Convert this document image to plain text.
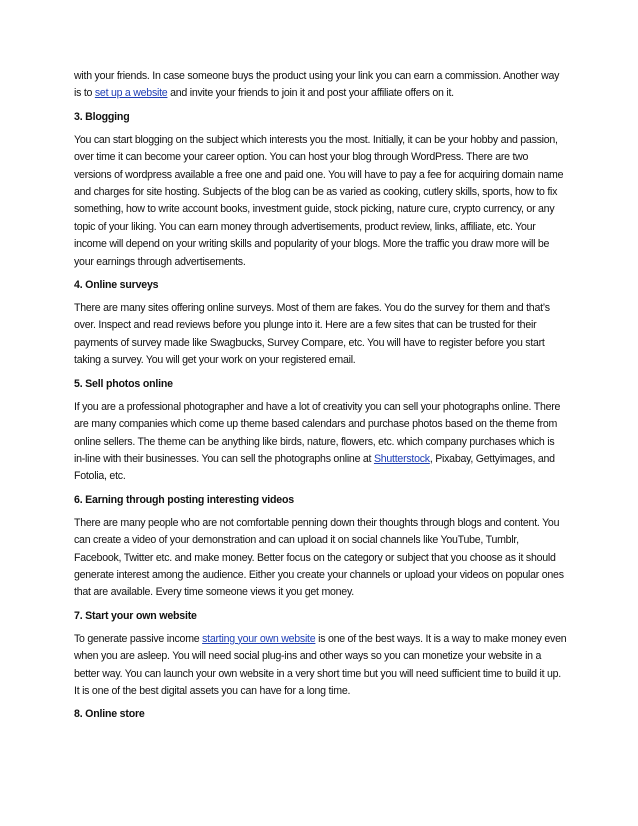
with your friends. In case someone buys the product using your link you can earn a commission. Another way is to set up a website and invite your friends to join it and post your affiliate offers on it.

3. Blogging

You can start blogging on the subject which interests you the most. Initially, it can be your hobby and passion, over time it can become your career option. You can host your blog through WordPress. There are two versions of wordpress available a free one and paid one. You will have to pay a fee for acquiring domain name and charges for site hosting. Subjects of the blog can be as varied as cooking, cutlery skills, sports, how to fix something, how to write account books, investment guide, stock picking, nature cure, crypto currency, or any topic of your liking. You can earn money through advertisements, product review, links, affiliate, etc. Your income will depend on your writing skills and popularity of your blogs. More the traffic you draw more will be your earnings through advertisements.

4. Online surveys

There are many sites offering online surveys. Most of them are fakes. You do the survey for them and that’s over. Inspect and read reviews before you plunge into it. Here are a few sites that can be trusted for their payments of survey made like Swagbucks, Survey Compare, etc. You will have to register before you start taking a survey. You will get your work on your registered email.

5. Sell photos online

If you are a professional photographer and have a lot of creativity you can sell your photographs online. There are many companies which come up theme based calendars and purchase photos based on the theme from online sellers. The theme can be anything like birds, nature, flowers, etc. which company purchases which is in-line with their businesses. You can sell the photographs online at Shutterstock, Pixabay, Gettyimages, and Fotolia, etc.

6. Earning through posting interesting videos

There are many people who are not comfortable penning down their thoughts through blogs and content. You can create a video of your demonstration and can upload it on social channels like YouTube, Tumblr, Facebook, Twitter etc. and make money. Better focus on the category or subject that you choose as it should generate interest among the audience. Either you create your channels or upload your videos on popular ones that are available. Every time someone views it you get money.

7. Start your own website

To generate passive income starting your own website is one of the best ways. It is a way to make money even when you are asleep. You will need social plug-ins and other ways so you can monetize your website in a better way. You can launch your own website in a very short time but you will need sufficient time to build it up. It is one of the best digital assets you can have for a long time.

8. Online store
